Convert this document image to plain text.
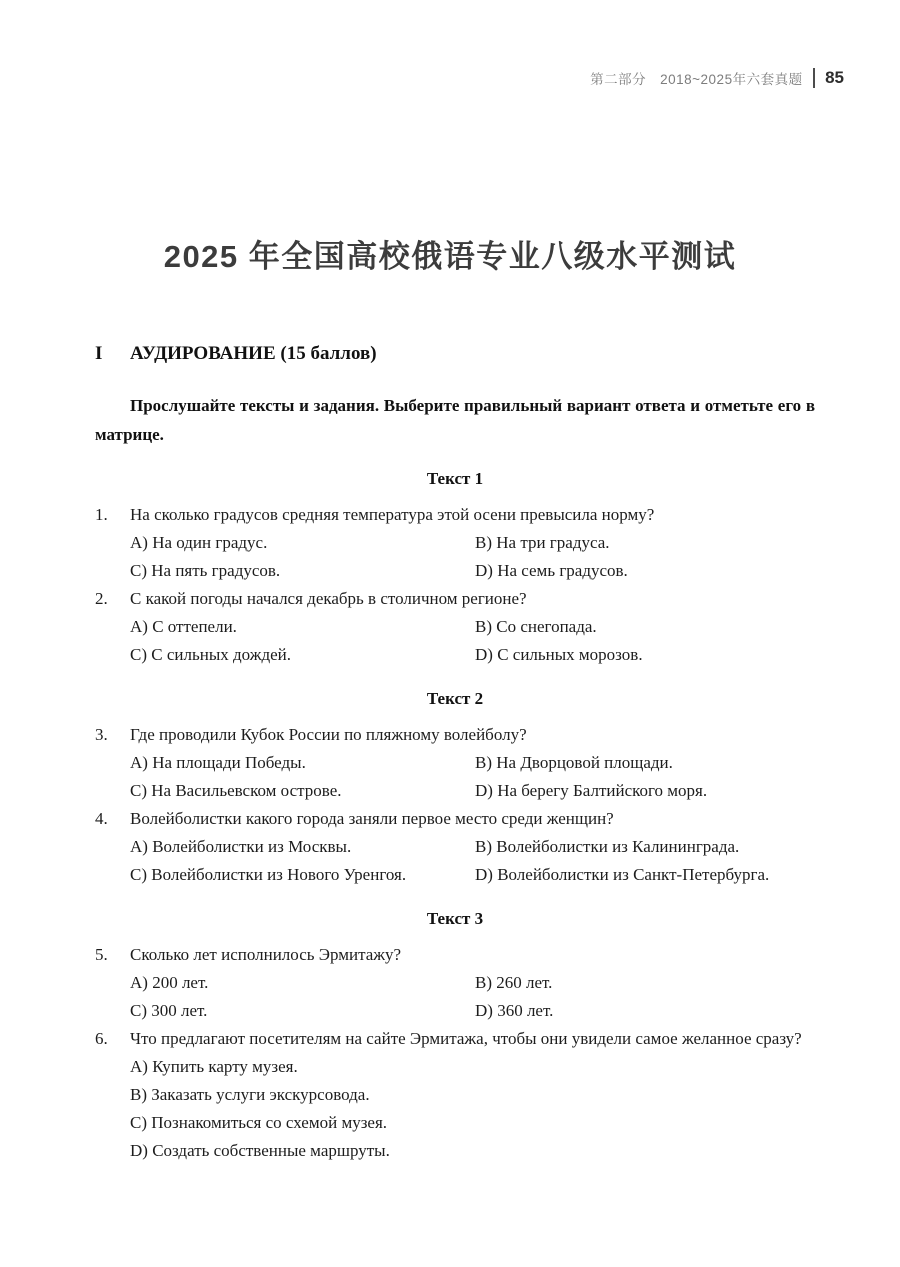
第二部分 2018~2025年六套真题 85
2025 年全国高校俄语专业八级水平测试
I	АУДИРОВАНИЕ (15 баллов)

Прослушайте тексты и задания. Выберите правильный вариант ответа и отметьте его в матрице.

Текст 1
1.	На сколько градусов средняя температура этой осени превысила норму?
A) На один градус.	B) На три градуса.
C) На пять градусов.	D) На семь градусов.
2.	С какой погоды начался декабрь в столичном регионе?
A) С оттепели.	B) Со снегопада.
C) С сильных дождей.	D) С сильных морозов.
Текст 2
3.	Где проводили Кубок России по пляжному волейболу?
A) На площади Победы.	B) На Дворцовой площади.
C) На Васильевском острове.	D) На берегу Балтийского моря.
4.	Волейболистки какого города заняли первое место среди женщин?
A) Волейболистки из Москвы.	B) Волейболистки из Калининграда.
C) Волейболистки из Нового Уренгоя.	D) Волейболистки из Санкт-Петербурга.
Текст 3
5.	Сколько лет исполнилось Эрмитажу?
A) 200 лет.	B) 260 лет.
C) 300 лет.	D) 360 лет.
6.	Что предлагают посетителям на сайте Эрмитажа, чтобы они увидели самое желанное сразу?
A) Купить карту музея.
B) Заказать услуги экскурсовода.
C) Познакомиться со схемой музея.
D) Создать собственные маршруты.
